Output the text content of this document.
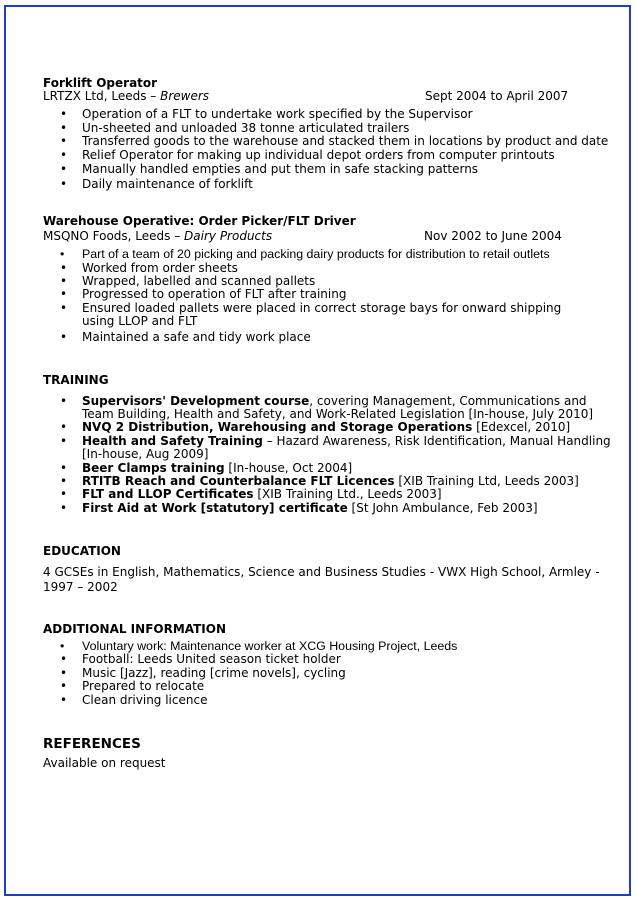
Forklift Operator
LRTZX Ltd, Leeds – Brewers	Sept 2004 to April 2007
• Operation of a FLT to undertake work specified by the Supervisor
• Un-sheeted and unloaded 38 tonne articulated trailers
• Transferred goods to the warehouse and stacked them in locations by product and date
• Relief Operator for making up individual depot orders from computer printouts
• Manually handled empties and put them in safe stacking patterns
• Daily maintenance of forklift
Warehouse Operative: Order Picker/FLT Driver
MSQNO Foods, Leeds – Dairy Products	Nov 2002 to June 2004
• Part of a team of 20 picking and packing dairy products for distribution to retail outlets
• Worked from order sheets
• Wrapped, labelled and scanned pallets
• Progressed to operation of FLT after training
• Ensured loaded pallets were placed in correct storage bays for onward shipping
using LLOP and FLT
• Maintained a safe and tidy work place
TRAINING
• Supervisors' Development course, covering Management, Communications and
Team Building, Health and Safety, and Work-Related Legislation [In-house, July 2010]
• NVQ 2 Distribution, Warehousing and Storage Operations [Edexcel, 2010]
• Health and Safety Training – Hazard Awareness, Risk Identification, Manual Handling
[In-house, Aug 2009]
• Beer Clamps training [In-house, Oct 2004]
• RTITB Reach and Counterbalance FLT Licences [XIB Training Ltd, Leeds 2003]
• FLT and LLOP Certificates [XIB Training Ltd., Leeds 2003]
• First Aid at Work [statutory] certificate [St John Ambulance, Feb 2003]
EDUCATION
4 GCSEs in English, Mathematics, Science and Business Studies - VWX High School, Armley -
1997 – 2002
ADDITIONAL INFORMATION
• Voluntary work: Maintenance worker at XCG Housing Project, Leeds
• Football: Leeds United season ticket holder
• Music [Jazz], reading [crime novels], cycling
• Prepared to relocate
• Clean driving licence
REFERENCES
Available on request
